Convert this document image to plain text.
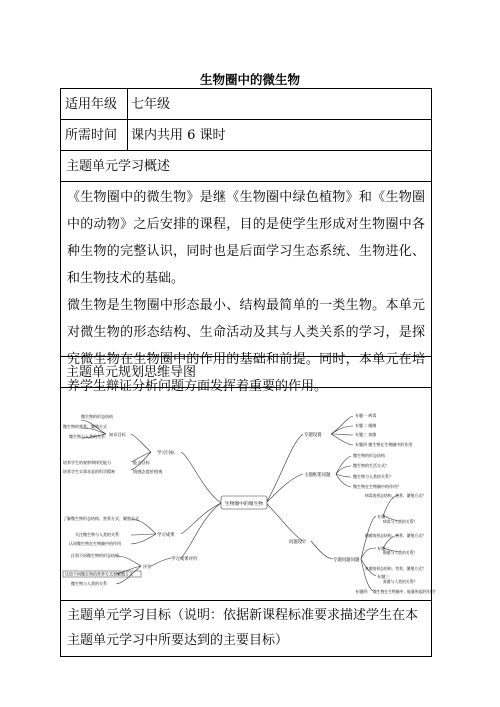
生物圈中的微生物
适用年级	七年级
所需时间	课内共用 6 课时
主题单元学习概述

《生物圈中的微生物》是继《生物圈中绿色植物》和《生物圈中的动物》之后安排的课程，目的是使学生形成对生物圈中各种生物的完整认识，同时也是后面学习生态系统、生物进化、和生物技术的基础。

微生物是生物圈中形态最小、结构最简单的一类生物。本单元对微生物的形态结构、生命活动及其与人类关系的学习，是探究微生物在生物圈中的作用的基础和前提。同时，本单元在培养学生辩证分析问题方面发挥着重要的作用。

主题单元规划思维导图
生物圈中的微生物
学习目标
知识目标
能力目标
情感态度价值观
微生物的形态结构
微生物的营养、繁殖方式
微生物与人类的关系
培养学生的观察和探究能力
培养学生实事求是的科学精神
学习成果
了解微生物形态结构、营养方式、繁殖方式
关注微生物与人类的关系
认同微生物在生物圈中的作用
学习成果评价
评价
区别不同微生物的形态结构
比较不同微生物的营养方式和繁殖方式
微生物与人类的关系
专题设置
专题一 病毒
专题二 细菌
专题三 真菌
专题四 微生物在生物圈中的作用
主题框架问题
微生物的形态结构
微生物的生活方式？
微生物与人类的关系？
微生物在生物圈中的作用？
问题设计
专题问题问题
专题一
专题二
专题三
专题四
病毒的形态结构、营养、繁殖方式？
病毒与人类的关系？
细菌的形态结构、营养、繁殖方式？
细菌与人类的关系？
真菌的形态结构、营养、繁殖方式？
真菌与人类的关系？
微生物在生物圈中、能量所起的作用？
主题单元学习目标（说明：依据新课程标准要求描述学生在本主题单元学习中所要达到的主要目标）
